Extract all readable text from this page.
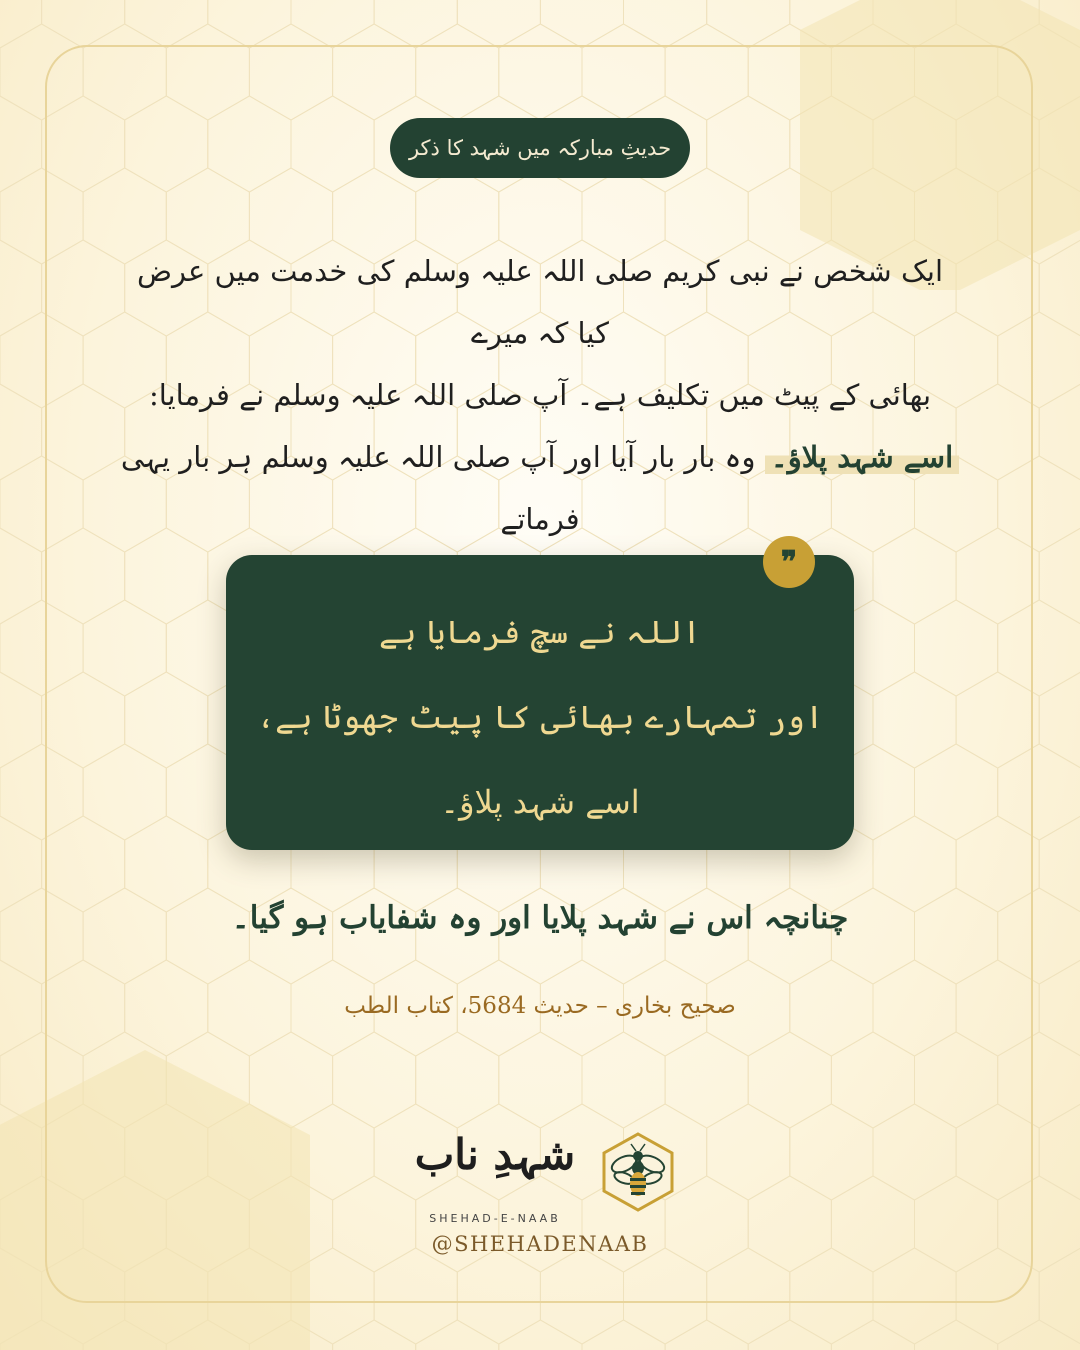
حدیثِ مبارکہ میں شہد کا ذکر
ایک شخص نے نبی کریم صلی اللہ علیہ وسلم کی خدمت میں عرض کیا کہ میرے
بھائی کے پیٹ میں تکلیف ہے۔ آپ صلی اللہ علیہ وسلم نے فرمایا:
اسے شہد پلاؤ۔ وہ بار بار آیا اور آپ صلی اللہ علیہ وسلم ہر بار یہی فرماتے
❞
اللہ نے سچ فرمایا ہے
اور تمہارے بھائی کا پیٹ جھوٹا ہے،
اسے شہد پلاؤ۔
چنانچہ اس نے شہد پلایا اور وہ شفایاب ہو گیا۔
صحیح بخاری – حدیث 5684، کتاب الطب
شہدِ ناب
SHEHAD-E-NAAB
@SHEHADENAAB
